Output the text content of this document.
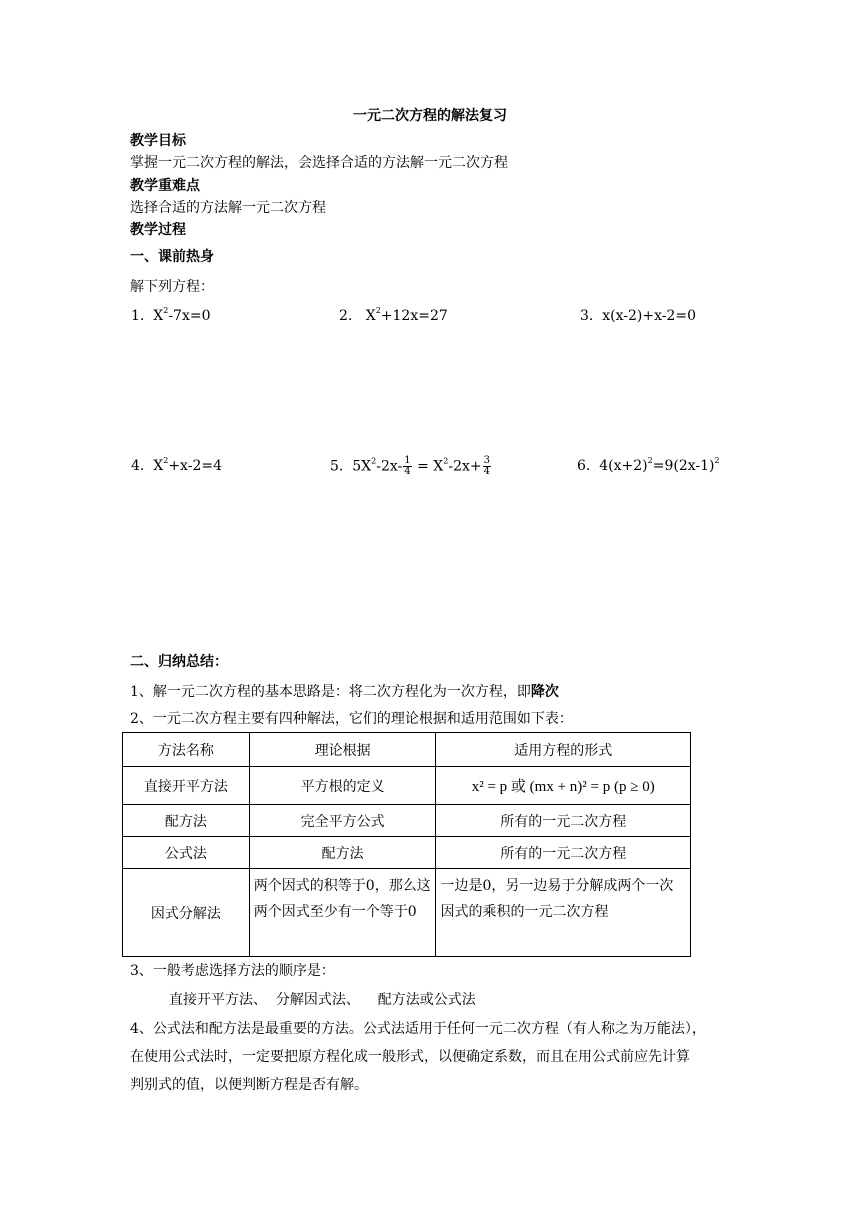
一元二次方程的解法复习
教学目标
掌握一元二次方程的解法，会选择合适的方法解一元二次方程
教学重难点
选择合适的方法解一元二次方程
教学过程
一、课前热身
解下列方程：
1. $X^2-7x=0$	2. $X^2+12x=27$	3. x(x-2)+x-2=0
4. $X^2+x-2=4$	5. $5X^2-2x- \frac{1}{4} = X^2-2x+ \frac{3}{4}$	6. $4(x+2)^2=9(2x-1)^2$
二、归纳总结：
1、解一元二次方程的基本思路是：将二次方程化为一次方程，即降次
2、一元二次方程主要有四种解法，它们的理论根据和适用范围如下表：
方法名称	理论根据	适用方程的形式
直接开平方法	平方根的定义	x² = p 或 (mx + n)² = p (p ≥ 0)
配方法	完全平方公式	所有的一元二次方程
公式法	配方法	所有的一元二次方程
因式分解法	两个因式的积等于0，那么这两个因式至少有一个等于0	一边是0，另一边易于分解成两个一次因式的乘积的一元二次方程
3、一般考虑选择方法的顺序是：
直接开平方法、  分解因式法、    配方法或公式法
4、公式法和配方法是最重要的方法。公式法适用于任何一元二次方程（有人称之为万能法），
在使用公式法时，一定要把原方程化成一般形式，以便确定系数，而且在用公式前应先计算
判别式的值，以便判断方程是否有解。
